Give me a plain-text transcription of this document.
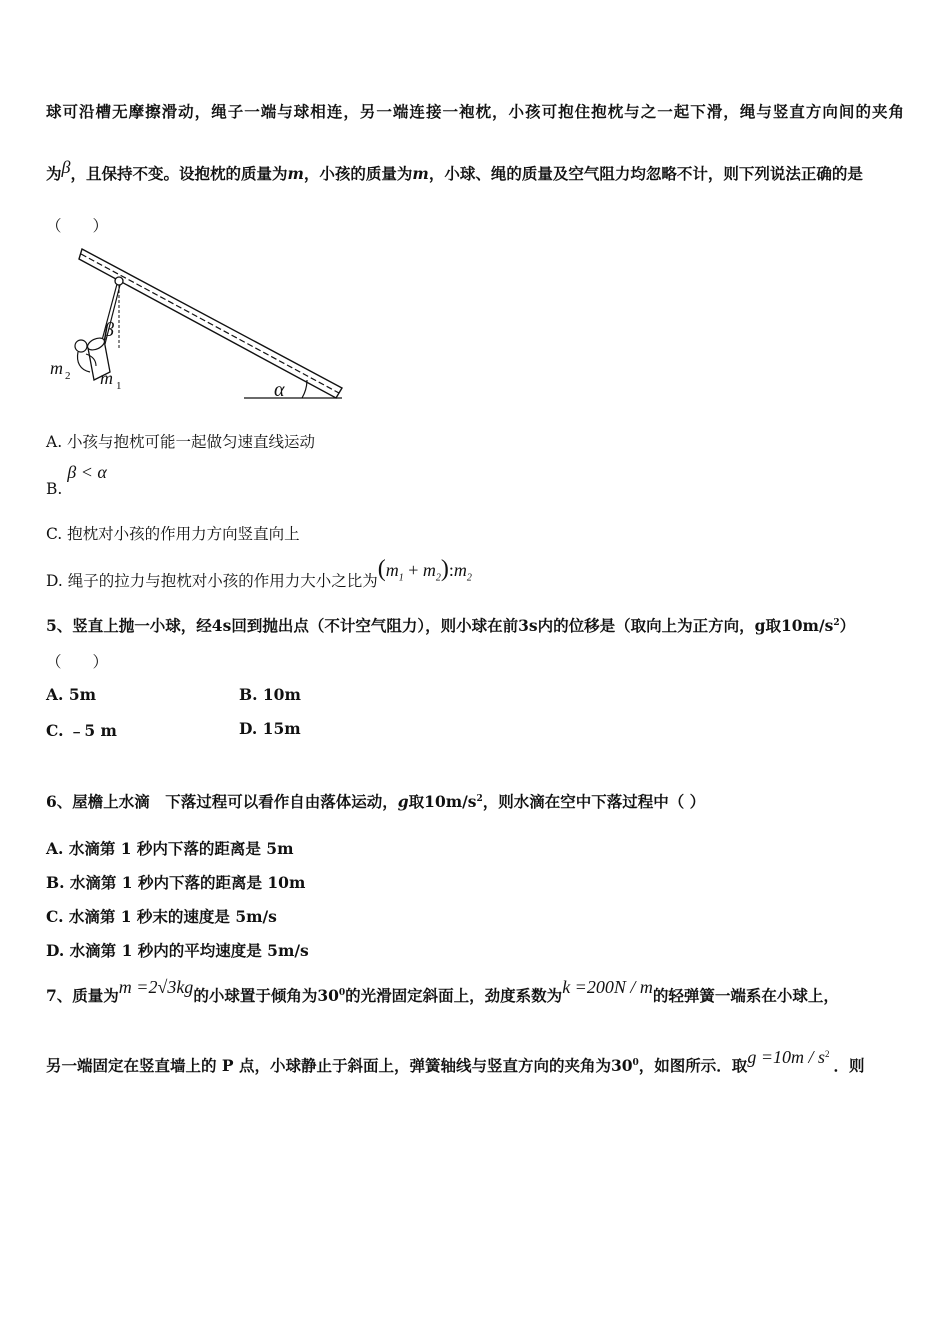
球可沿槽无摩擦滑动，绳子一端与球相连，另一端连接一袍枕，小孩可抱住抱枕与之一起下滑，绳与竖直方向间的夹角
为β，且保持不变。设抱枕的质量为m，小孩的质量为m，小球、绳的质量及空气阻力均忽略不计，则下列说法正确的是
（　　）
α
β
m 2 m 1
A. 小孩与抱枕可能一起做匀速直线运动
B. β < α
C. 抱枕对小孩的作用力方向竖直向上
D. 绳子的拉力与抱枕对小孩的作用力大小之比为($m_1$ + $m_2):m_2$
5、竖直上抛一小球，经4s回到抛出点（不计空气阻力），则小球在前3s内的位移是（取向上为正方向，g取$10m/s^2$）
（　　）
A. 5m	B. 10m
C. ﹣5 m	D. 15m
6、屋檐上水滴　下落过程可以看作自由落体运动，g取$10m/s^2$，则水滴在空中下落过程中（ ）
A. 水滴第 1 秒内下落的距离是 5m
B. 水滴第 1 秒内下落的距离是 10m
C. 水滴第 1 秒末的速度是 5m/s
D. 水滴第 1 秒内的平均速度是 5m/s
7、质量为m =2√3kg的小球置于倾角为$30^0$的光滑固定斜面上，劲度系数为k =200N / m的轻弹簧一端系在小球上，
另一端固定在竖直墙上的 P 点，小球静止于斜面上，弹簧轴线与竖直方向的夹角为$30^0$，如图所示．取$g =10m / s^2$．则
